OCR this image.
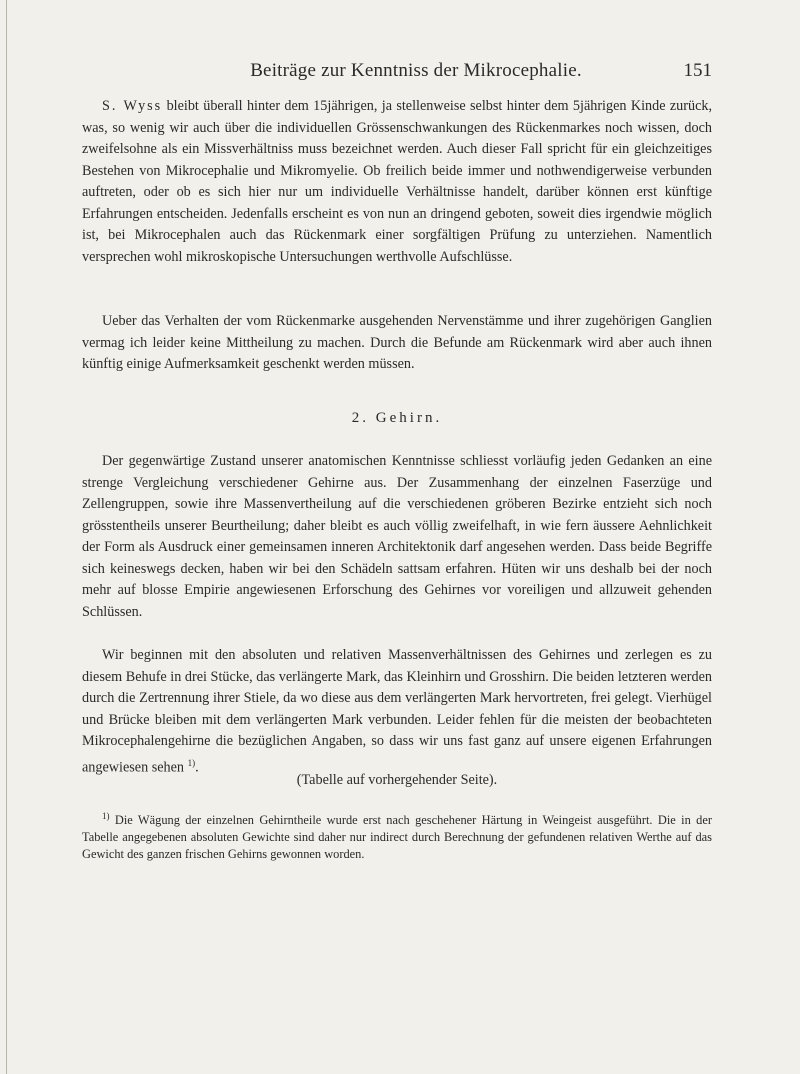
Beiträge zur Kenntniss der Mikrocephalie.	151

S. Wyss bleibt überall hinter dem 15jährigen, ja stellenweise selbst hinter dem 5jährigen Kinde zurück, was, so wenig wir auch über die individuellen Grössenschwankungen des Rückenmarkes noch wissen, doch zweifelsohne als ein Missverhältniss muss bezeichnet werden. Auch dieser Fall spricht für ein gleichzeitiges Bestehen von Mikrocephalie und Mikromyelie. Ob freilich beide immer und nothwendigerweise verbunden auftreten, oder ob es sich hier nur um individuelle Verhältnisse handelt, darüber können erst künftige Erfahrungen entscheiden. Jedenfalls erscheint es von nun an dringend geboten, soweit dies irgendwie möglich ist, bei Mikrocephalen auch das Rückenmark einer sorgfältigen Prüfung zu unterziehen. Namentlich versprechen wohl mikroskopische Untersuchungen werthvolle Aufschlüsse.

Ueber das Verhalten der vom Rückenmarke ausgehenden Nervenstämme und ihrer zugehörigen Ganglien vermag ich leider keine Mittheilung zu machen. Durch die Befunde am Rückenmark wird aber auch ihnen künftig einige Aufmerksamkeit geschenkt werden müssen.

2. Gehirn.

Der gegenwärtige Zustand unserer anatomischen Kenntnisse schliesst vorläufig jeden Gedanken an eine strenge Vergleichung verschiedener Gehirne aus. Der Zusammenhang der einzelnen Faserzüge und Zellengruppen, sowie ihre Massenvertheilung auf die verschiedenen gröberen Bezirke entzieht sich noch grösstentheils unserer Beurtheilung; daher bleibt es auch völlig zweifelhaft, in wie fern äussere Aehnlichkeit der Form als Ausdruck einer gemeinsamen inneren Architektonik darf angesehen werden. Dass beide Begriffe sich keineswegs decken, haben wir bei den Schädeln sattsam erfahren. Hüten wir uns deshalb bei der noch mehr auf blosse Empirie angewiesenen Erforschung des Gehirnes vor voreiligen und allzuweit gehenden Schlüssen.

Wir beginnen mit den absoluten und relativen Massenverhältnissen des Gehirnes und zerlegen es zu diesem Behufe in drei Stücke, das verlängerte Mark, das Kleinhirn und Grosshirn. Die beiden letzteren werden durch die Zertrennung ihrer Stiele, da wo diese aus dem verlängerten Mark hervortreten, frei gelegt. Vierhügel und Brücke bleiben mit dem verlängerten Mark verbunden. Leider fehlen für die meisten der beobachteten Mikrocephalengehirne die bezüglichen Angaben, so dass wir uns fast ganz auf unsere eigenen Erfahrungen angewiesen sehen $^{1)}$.

(Tabelle auf vorhergehender Seite).

$^{1)}$ Die Wägung der einzelnen Gehirntheile wurde erst nach geschehener Härtung in Weingeist ausgeführt. Die in der Tabelle angegebenen absoluten Gewichte sind daher nur indirect durch Berechnung der gefundenen relativen Werthe auf das Gewicht des ganzen frischen Gehirns gewonnen worden.
